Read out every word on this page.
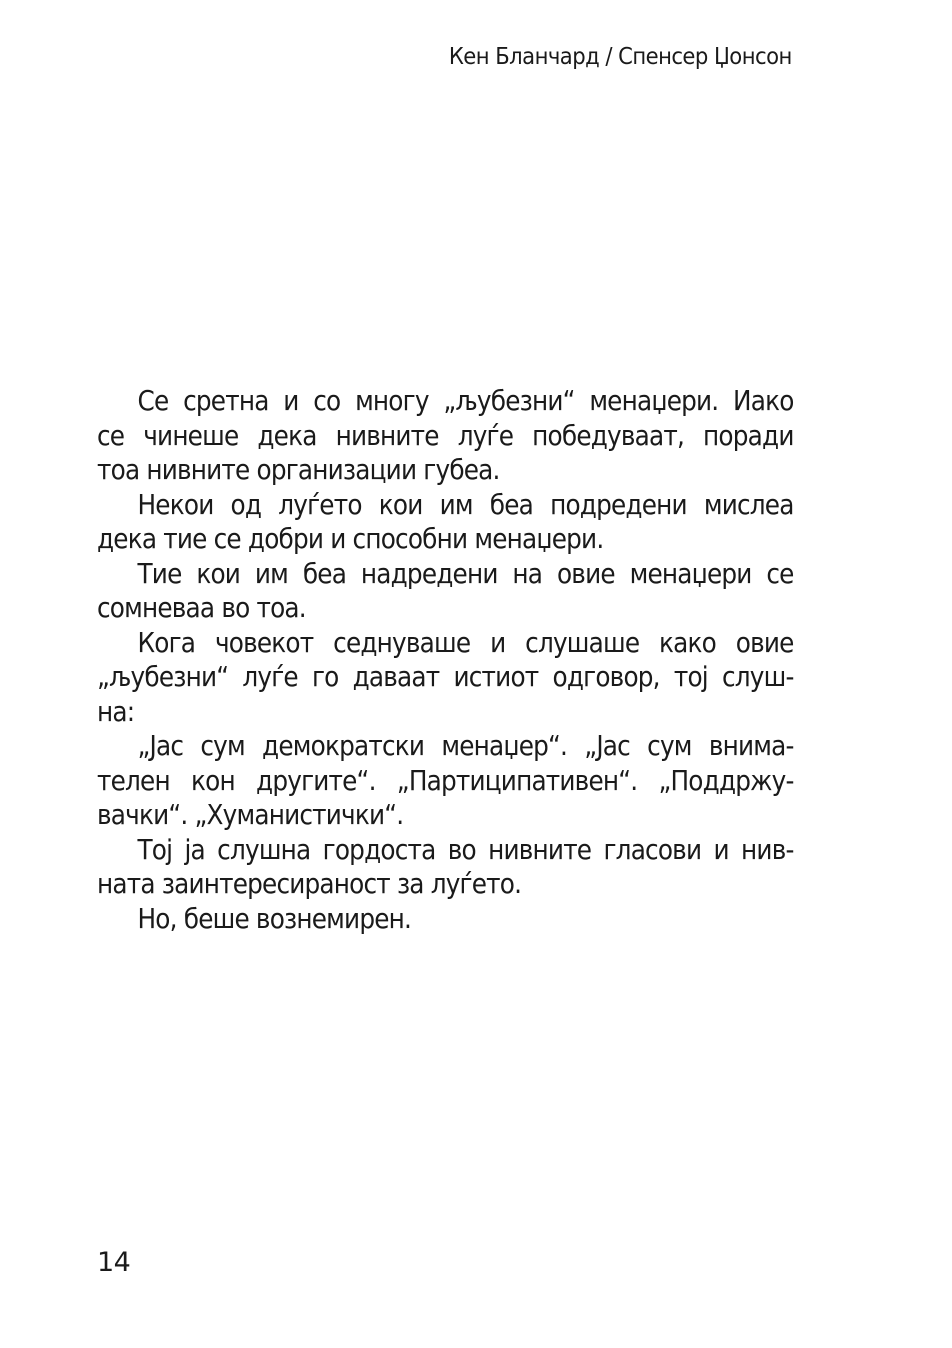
Кен Бланчард / Спенсер Џонсон
Се сретна и со многу „љубезни“ менаџери. Иако
се чинеше дека нивните луѓе победуваат, поради
тоа нивните организации губеа.
Некои од луѓето кои им беа подредени мислеа
дека тие се добри и способни менаџери.
Тие кои им беа надредени на овие менаџери се
сомневаа во тоа.
Кога човекот седнуваше и слушаше како овие
„љубезни“ луѓе го даваат истиот одговор, тој слуш-
на:
„Јас сум демократски менаџер“. „Јас сум внима-
телен кон другите“. „Партиципативен“. „Поддржу-
вачки“. „Хуманистички“.
Тој ја слушна гордоста во нивните гласови и нив-
ната заинтересираност за луѓето.
Но, беше вознемирен.
14
